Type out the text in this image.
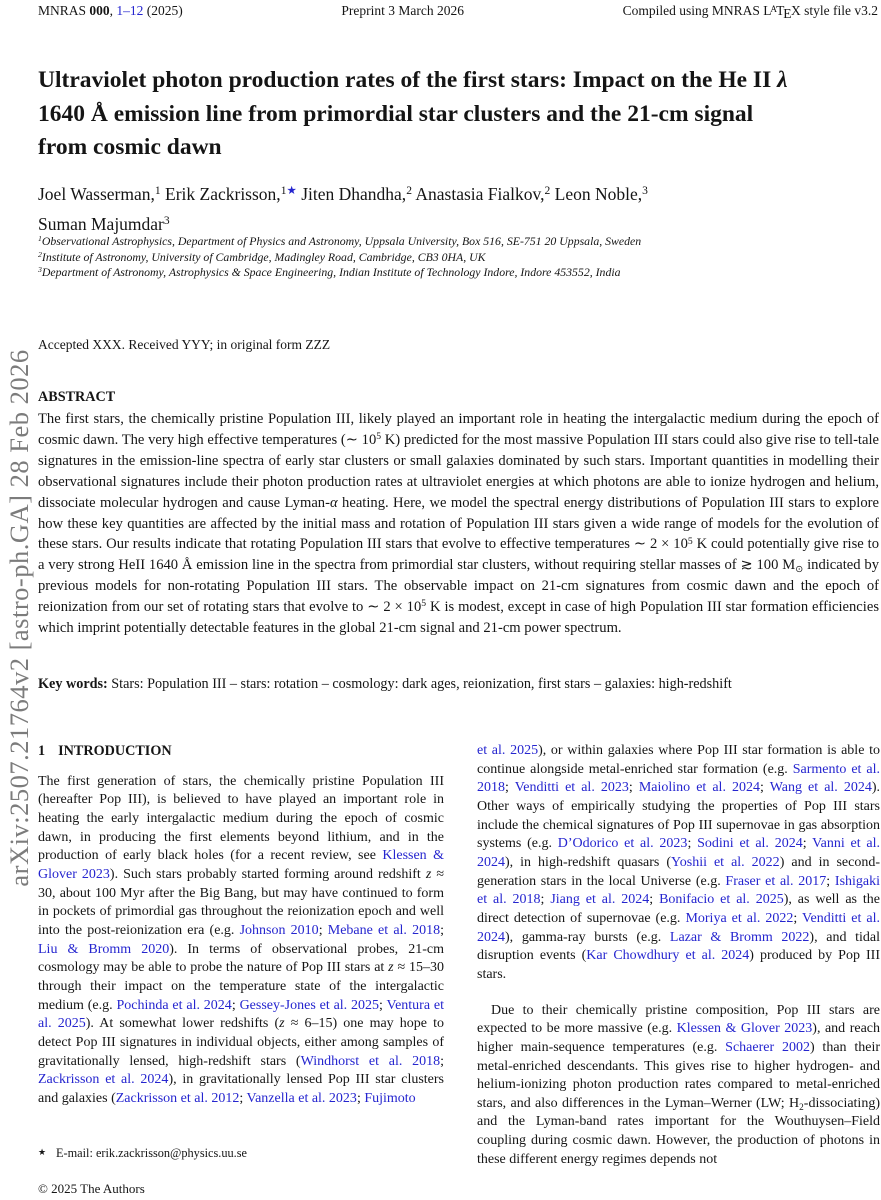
MNRAS 000, 1–12 (2025)	Preprint 3 March 2026	Compiled using MNRAS $L^ATEX$ style file v3.2
arXiv:2507.21764v2 [astro-ph.GA] 28 Feb 2026
Ultraviolet photon production rates of the first stars: Impact on the He II λ
1640 Å emission line from primordial star clusters and the 21-cm signal
from cosmic dawn
Joel Wasserman,$^1$ Erik Zackrisson,$^{1★}$ Jiten Dhandha,$^2$ Anastasia Fialkov,$^2$ Leon Noble,$^3$
Suman Majumdar$^3$
$^1$Observational Astrophysics, Department of Physics and Astronomy, Uppsala University, Box 516, SE-751 20 Uppsala, Sweden
$^2$Institute of Astronomy, University of Cambridge, Madingley Road, Cambridge, CB3 0HA, UK
$^3$Department of Astronomy, Astrophysics & Space Engineering, Indian Institute of Technology Indore, Indore 453552, India
Accepted XXX. Received YYY; in original form ZZZ
ABSTRACT
The first stars, the chemically pristine Population III, likely played an important role in heating the intergalactic medium during the epoch of cosmic dawn. The very high effective temperatures (∼ $10^5$ K) predicted for the most massive Population III stars could also give rise to tell-tale signatures in the emission-line spectra of early star clusters or small galaxies dominated by such stars. Important quantities in modelling their observational signatures include their photon production rates at ultraviolet energies at which photons are able to ionize hydrogen and helium, dissociate molecular hydrogen and cause Lyman-α heating. Here, we model the spectral energy distributions of Population III stars to explore how these key quantities are affected by the initial mass and rotation of Population III stars given a wide range of models for the evolution of these stars. Our results indicate that rotating Population III stars that evolve to effective temperatures ∼ $2 \times 10^5$ K could potentially give rise to a very strong HeII 1640 Å emission line in the spectra from primordial star clusters, without requiring stellar masses of ≳ 100 M⊙ indicated by previous models for non-rotating Population III stars. The observable impact on 21-cm signatures from cosmic dawn and the epoch of reionization from our set of rotating stars that evolve to ∼ $2 \times 10^5$ K is modest, except in case of high Population III star formation efficiencies which imprint potentially detectable features in the global 21-cm signal and 21-cm power spectrum.
Key words: Stars: Population III – stars: rotation – cosmology: dark ages, reionization, first stars – galaxies: high-redshift
1 INTRODUCTION

The first generation of stars, the chemically pristine Population III (hereafter Pop III), is believed to have played an important role in heating the early intergalactic medium during the epoch of cosmic dawn, in producing the first elements beyond lithium, and in the production of early black holes (for a recent review, see Klessen & Glover 2023). Such stars probably started forming around redshift z ≈ 30, about 100 Myr after the Big Bang, but may have continued to form in pockets of primordial gas throughout the reionization epoch and well into the post-reionization era (e.g. Johnson 2010; Mebane et al. 2018; Liu & Bromm 2020). In terms of observational probes, 21-cm cosmology may be able to probe the nature of Pop III stars at z ≈ 15–30 through their impact on the temperature state of the intergalactic medium (e.g. Pochinda et al. 2024; Gessey-Jones et al. 2025; Ventura et al. 2025). At somewhat lower redshifts (z ≈ 6–15) one may hope to detect Pop III signatures in individual objects, either among samples of gravitationally lensed, high-redshift stars (Windhorst et al. 2018; Zackrisson et al. 2024), in gravitationally lensed Pop III star clusters and galaxies (Zackrisson et al. 2012; Vanzella et al. 2023; Fujimoto

et al. 2025), or within galaxies where Pop III star formation is able to continue alongside metal-enriched star formation (e.g. Sarmento et al. 2018; Venditti et al. 2023; Maiolino et al. 2024; Wang et al. 2024). Other ways of empirically studying the properties of Pop III stars include the chemical signatures of Pop III supernovae in gas absorption systems (e.g. D’Odorico et al. 2023; Sodini et al. 2024; Vanni et al. 2024), in high-redshift quasars (Yoshii et al. 2022) and in second-generation stars in the local Universe (e.g. Fraser et al. 2017; Ishigaki et al. 2018; Jiang et al. 2024; Bonifacio et al. 2025), as well as the direct detection of supernovae (e.g. Moriya et al. 2022; Venditti et al. 2024), gamma-ray bursts (e.g. Lazar & Bromm 2022), and tidal disruption events (Kar Chowdhury et al. 2024) produced by Pop III stars.

Due to their chemically pristine composition, Pop III stars are expected to be more massive (e.g. Klessen & Glover 2023), and reach higher main-sequence temperatures (e.g. Schaerer 2002) than their metal-enriched descendants. This gives rise to higher hydrogen- and helium-ionizing photon production rates compared to metal-enriched stars, and also differences in the Lyman–Werner (LW; H2-dissociating) and the Lyman-band rates important for the Wouthuysen–Field coupling during cosmic dawn. However, the production of photons in these different energy regimes depends not

★ E-mail: erik.zackrisson@physics.uu.se
© 2025 The Authors
